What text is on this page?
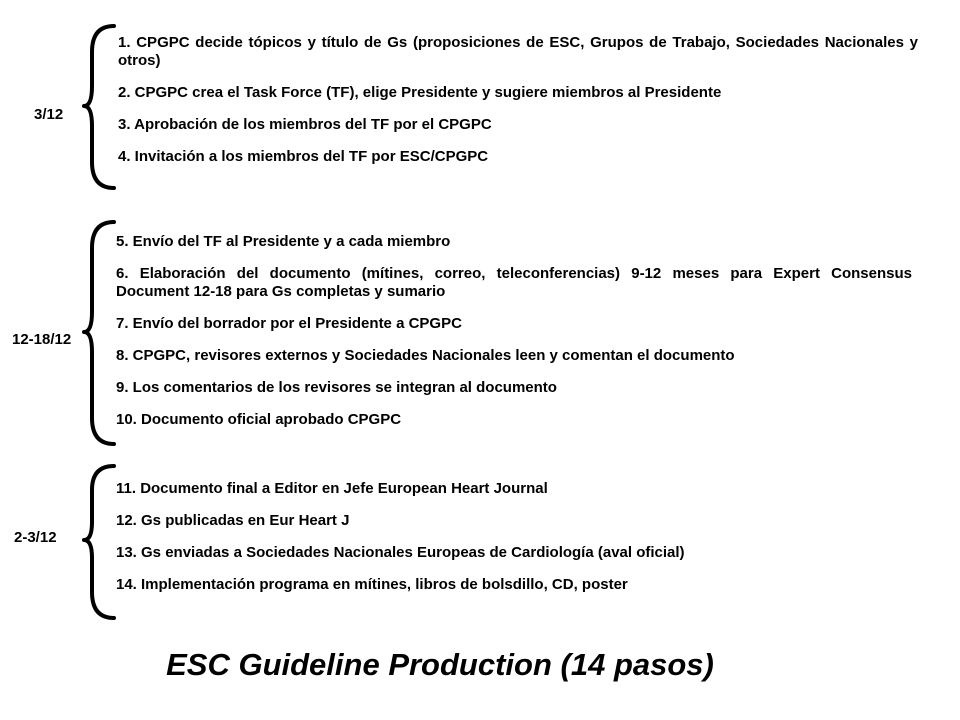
3/12
1. CPGPC decide tópicos y título de Gs (proposiciones de ESC, Grupos de Trabajo, Sociedades Nacionales y otros)
2. CPGPC crea el Task Force (TF), elige Presidente y sugiere miembros al Presidente
3. Aprobación de los miembros del TF por el CPGPC
4. Invitación a los miembros del TF por ESC/CPGPC
12-18/12
5. Envío del TF al Presidente y a cada miembro
6. Elaboración del documento (mítines, correo, teleconferencias) 9-12 meses para Expert Consensus Document 12-18 para Gs completas y sumario
7. Envío del borrador por el Presidente a CPGPC
8. CPGPC, revisores externos y Sociedades Nacionales leen y comentan el documento
9. Los comentarios de los revisores se integran al documento
10. Documento oficial aprobado CPGPC
2-3/12
11. Documento final a Editor en Jefe European Heart Journal
12. Gs publicadas en Eur Heart J
13. Gs enviadas a Sociedades Nacionales Europeas de Cardiología (aval oficial)
14. Implementación programa en mítines, libros de bolsdillo, CD, poster
ESC Guideline Production (14 pasos)
